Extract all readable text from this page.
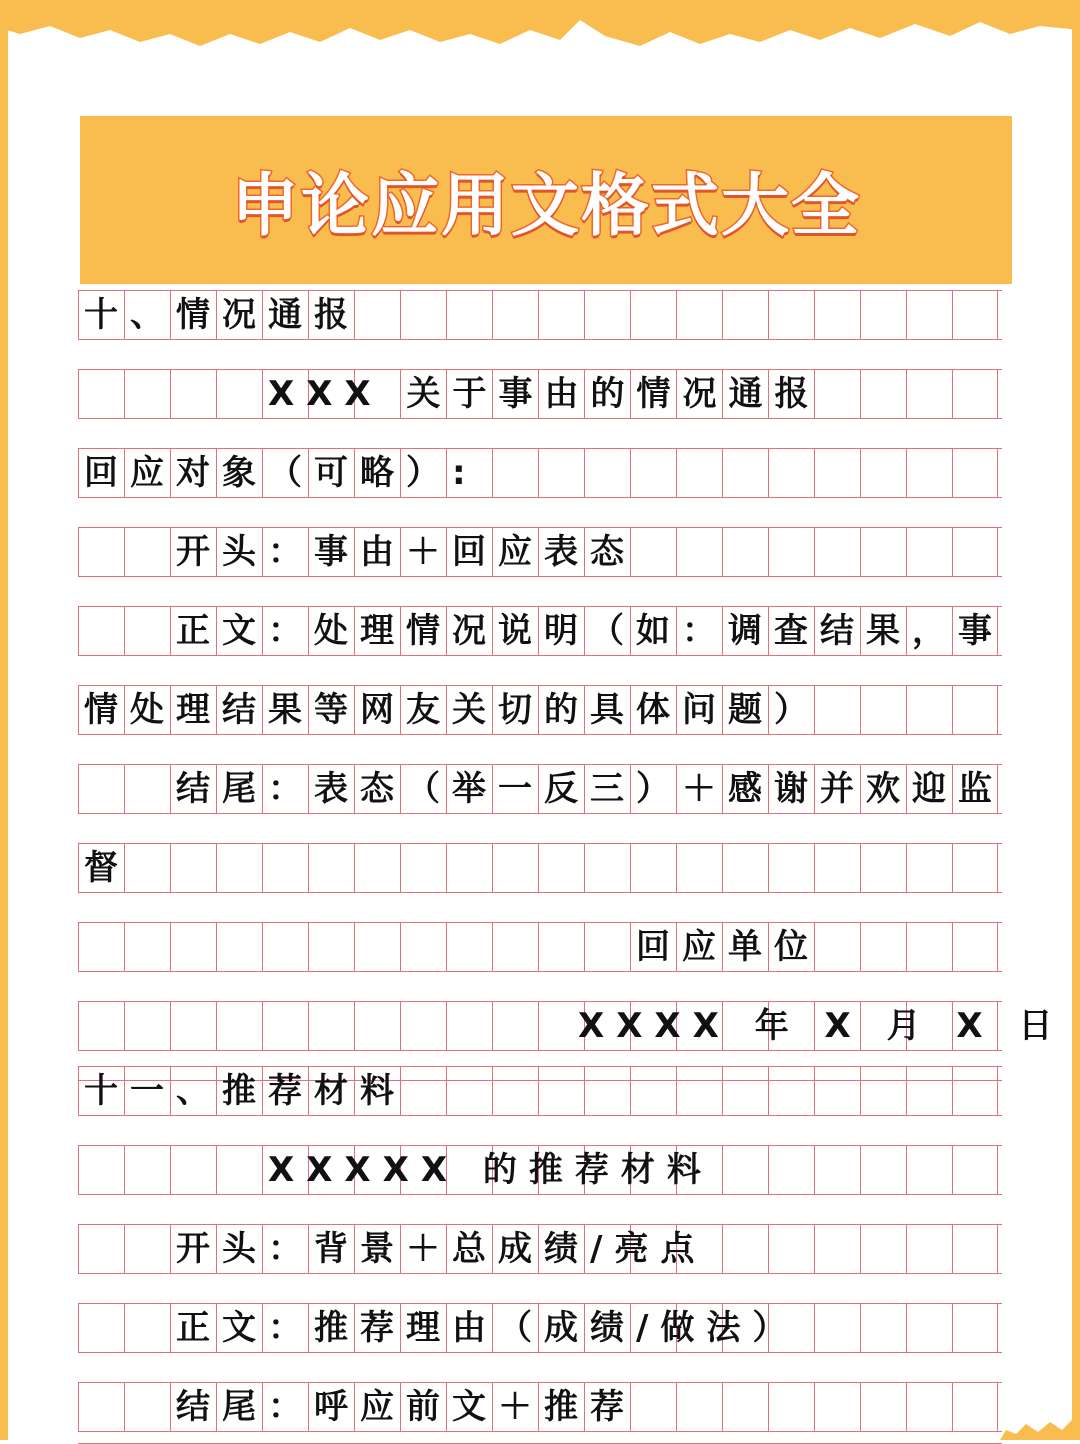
申论应用文格式大全
十、情况通报
XXX 关于事由的情况通报
回应对象（可略）:
开头：事由＋回应表态
正文：处理情况说明（如：调查结果，事
情处理结果等网友关切的具体问题）
结尾：表态（举一反三）＋感谢并欢迎监
督
回应单位
XXXX 年 X 月 X 日
十一、推荐材料
XXXXX 的推荐材料
开头：背景＋总成绩/亮点
正文：推荐理由（成绩/做法）
结尾：呼应前文＋推荐
